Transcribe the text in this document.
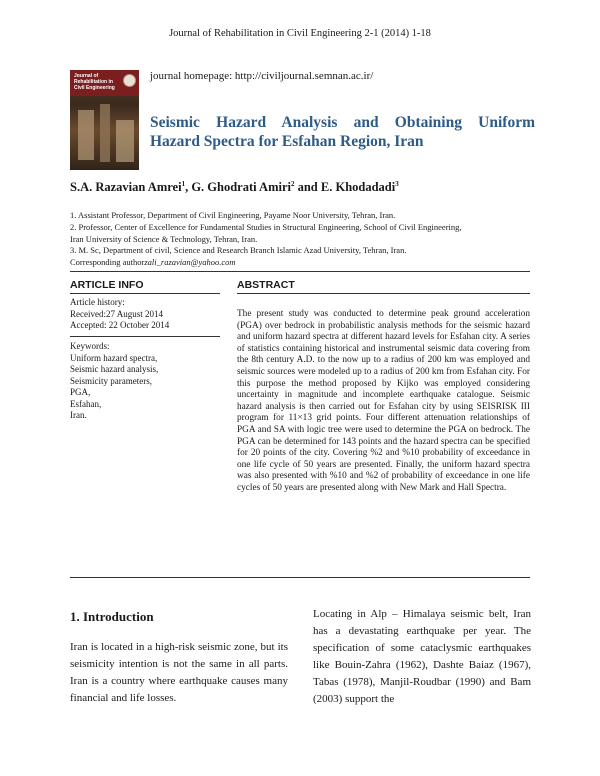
Journal of Rehabilitation in Civil Engineering 2-1 (2014) 1-18
Journal of Rehabilitation in Civil Engineering
journal homepage: http://civiljournal.semnan.ac.ir/
Seismic Hazard Analysis and Obtaining Uniform
Hazard Spectra for Esfahan Region, Iran
S.A. Razavian Amrei$^1$, G. Ghodrati Amiri$^2$ and E. Khodadadi$^3$
1. Assistant Professor, Department of Civil Engineering, Payame Noor University, Tehran, Iran.
2. Professor, Center of Excellence for Fundamental Studies in Structural Engineering, School of Civil Engineering,
Iran University of Science & Technology, Tehran, Iran.
3. M. Sc, Department of civil, Science and Research Branch Islamic Azad University, Tehran, Iran.
Corresponding authorzali_razavian@yahoo.com
ARTICLE INFO	ABSTRACT
Article history:
Received:27 August 2014
Accepted: 22 October 2014
Keywords:
Uniform hazard spectra,
Seismic hazard analysis,
Seismicity parameters,
PGA,
Esfahan,
Iran.
The present study was conducted to determine peak ground acceleration (PGA) over bedrock in probabilistic analysis methods for the seismic hazard and uniform hazard spectra at different hazard levels for Esfahan city. A series of statistics containing historical and instrumental seismic data covering from the 8th century A.D. to the now up to a radius of 200 km was employed and seismic sources were modeled up to a radius of 200 km from Esfahan city. For this purpose the method proposed by Kijko was employed considering uncertainty in magnitude and incomplete earthquake catalogue. Seismic hazard analysis is then carried out for Esfahan city by using SEISRISK III program for 11×13 grid points. Four different attenuation relationships of PGA and SA with logic tree were used to determine the PGA on bedrock. The PGA can be determined for 143 points and the hazard spectra can be specified for 20 points of the city. Covering %2 and %10 probability of exceedance in one life cycle of 50 years are presented. Finally, the uniform hazard spectra was also presented with %10 and %2 of probability of exceedance in one life cycles of 50 years are presented along with New Mark and Hall Spectra.
1. Introduction
Iran is located in a high-risk seismic zone, but its seismicity intention is not the same in all parts. Iran is a country where earthquake causes many financial and life losses.
Locating in Alp – Himalaya seismic belt, Iran has a devastating earthquake per year. The specification of some cataclysmic earthquakes like Bouin-Zahra (1962), Dashte Baiaz (1967), Tabas (1978), Manjil-Roudbar (1990) and Bam (2003) support the
